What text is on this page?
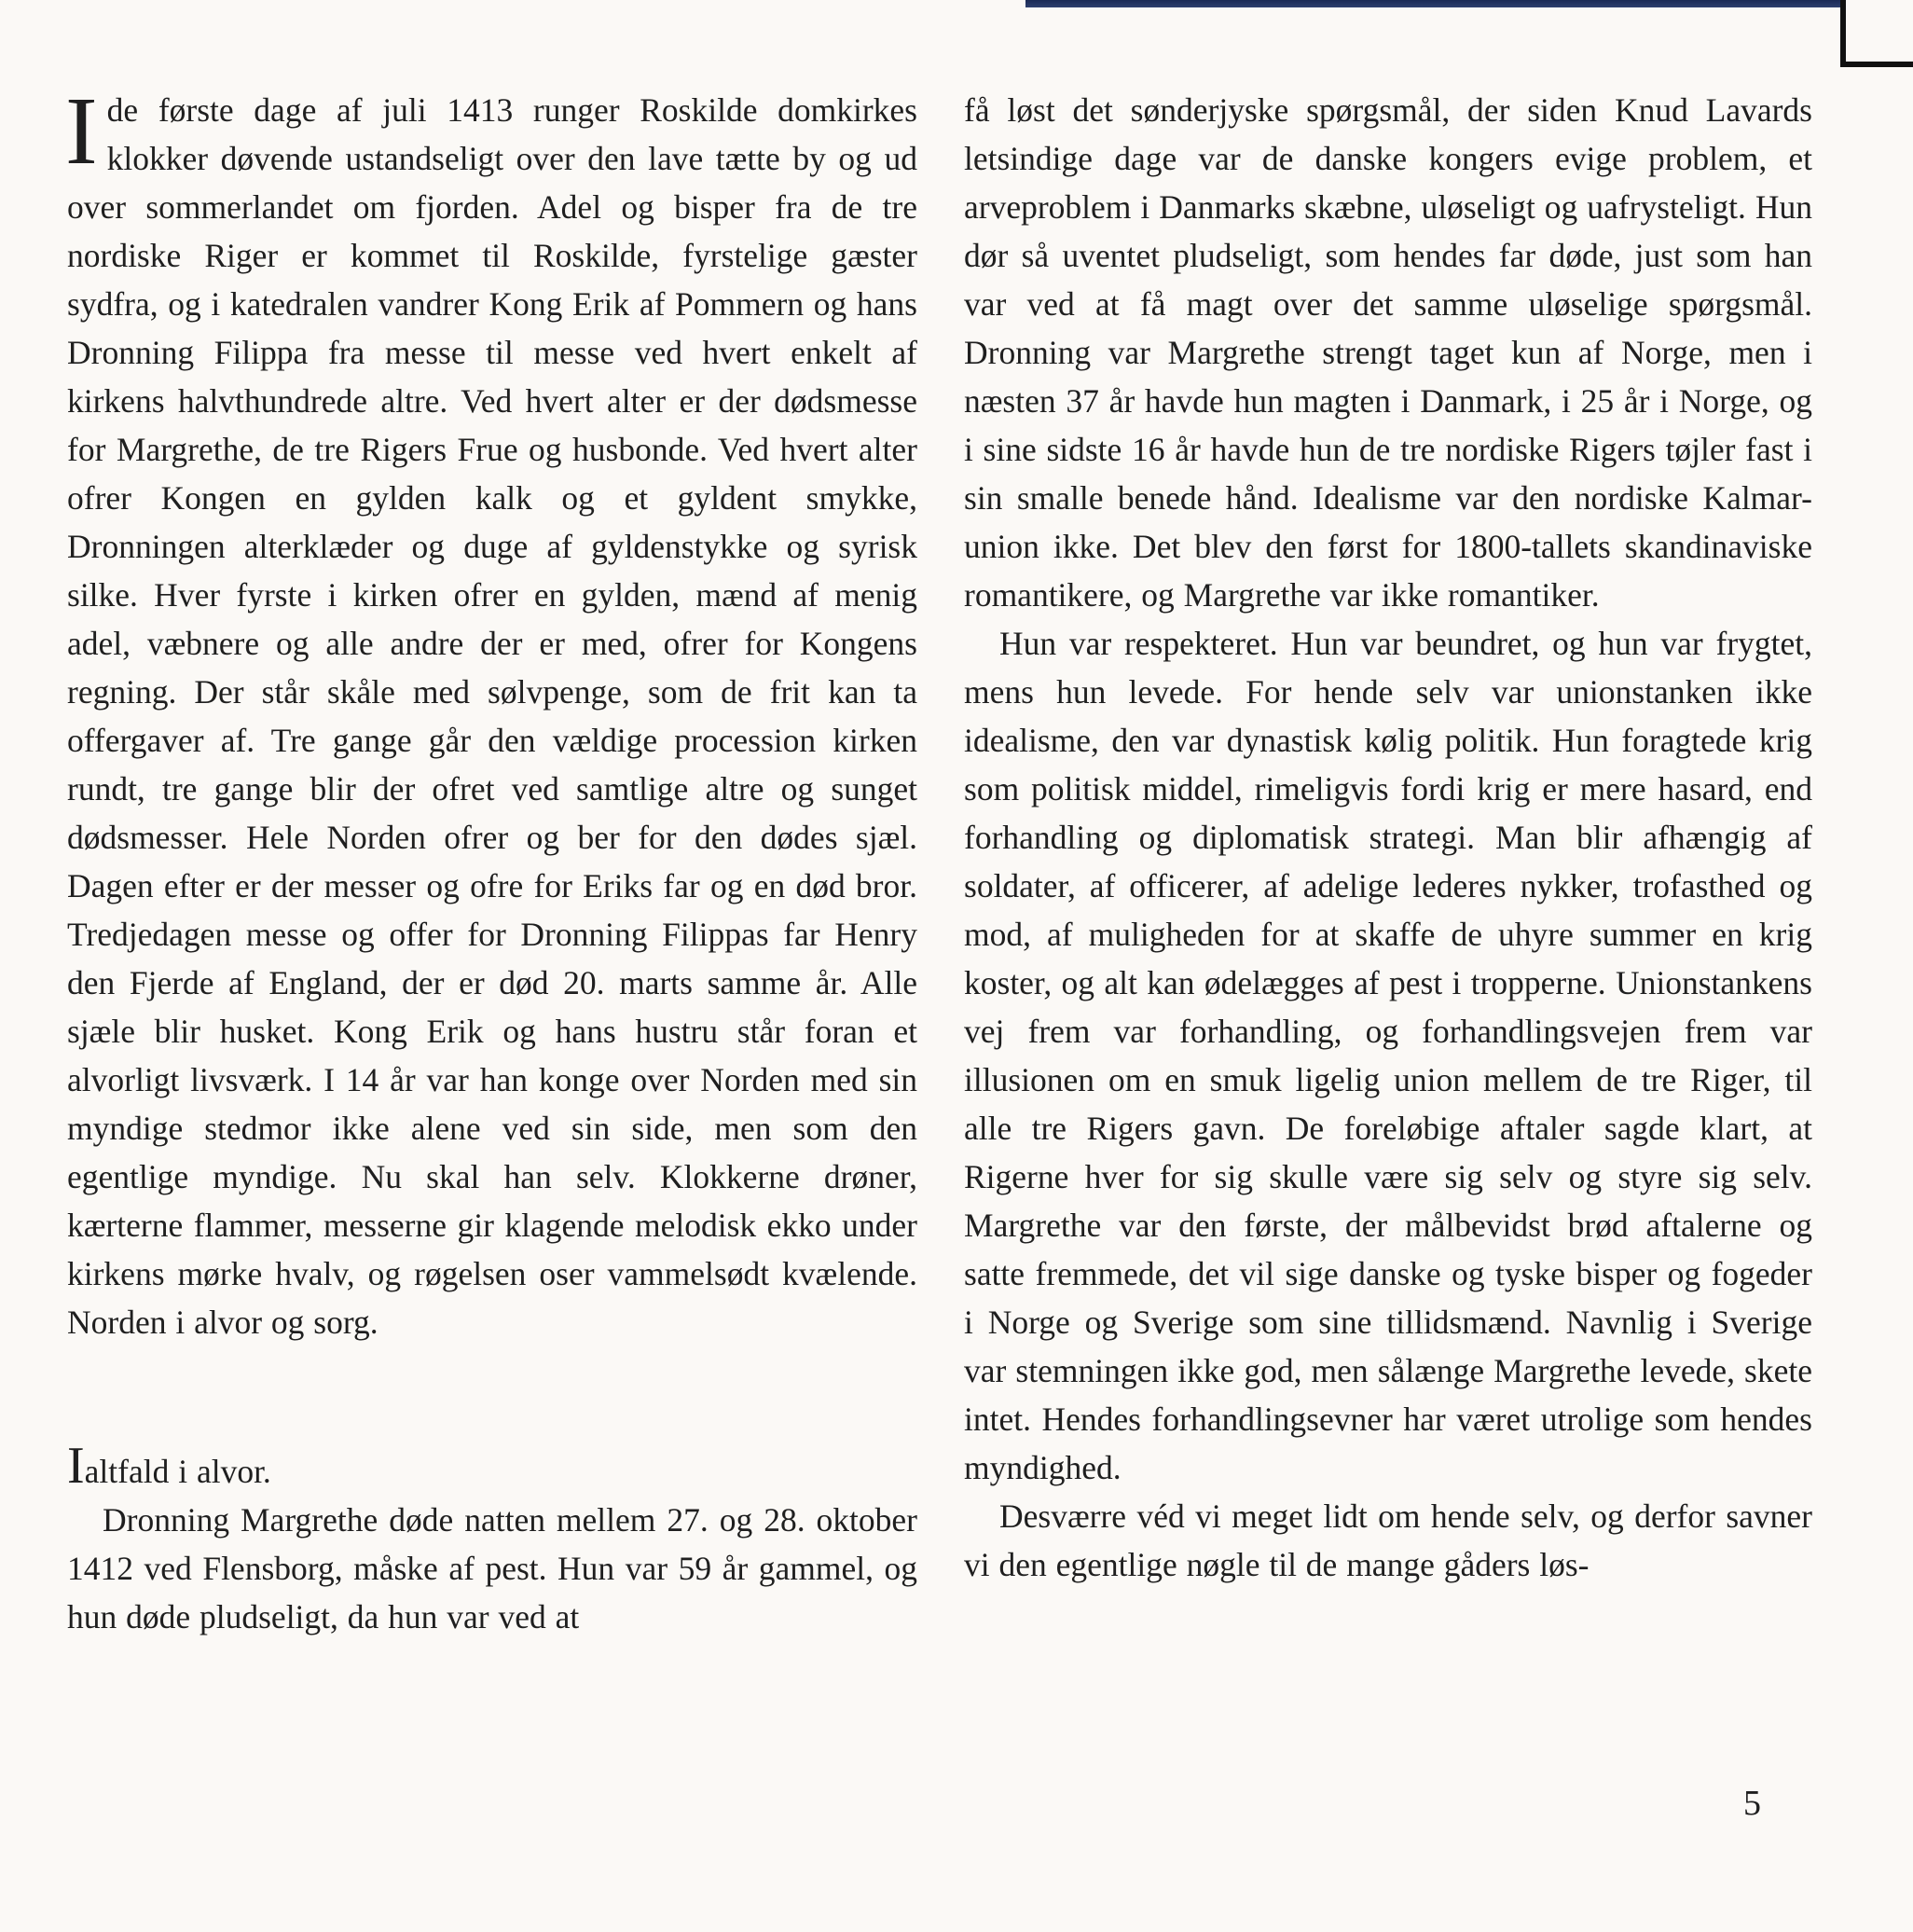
Ide første dage af juli 1413 runger Roskilde domkirkes klokker døvende ustandseligt over den lave tætte by og ud over sommerlandet om fjorden. Adel og bisper fra de tre nordiske Riger er kommet til Roskilde, fyrstelige gæster sydfra, og i katedralen vandrer Kong Erik af Pommern og hans Dronning Filippa fra messe til messe ved hvert enkelt af kirkens halvthundrede altre. Ved hvert alter er der dødsmesse for Margrethe, de tre Rigers Frue og husbonde. Ved hvert alter ofrer Kongen en gylden kalk og et gyldent smykke, Dronningen alterklæder og duge af gyldenstykke og syrisk silke. Hver fyrste i kirken ofrer en gylden, mænd af menig adel, væbnere og alle andre der er med, ofrer for Kongens regning. Der står skåle med sølvpenge, som de frit kan ta offergaver af. Tre gange går den vældige procession kirken rundt, tre gange blir der ofret ved samtlige altre og sunget dødsmesser. Hele Norden ofrer og ber for den dødes sjæl. Dagen efter er der messer og ofre for Eriks far og en død bror. Tredjedagen messe og offer for Dronning Filippas far Henry den Fjerde af England, der er død 20. marts samme år. Alle sjæle blir husket. Kong Erik og hans hustru står foran et alvorligt livsværk. I 14 år var han konge over Norden med sin myndige stedmor ikke alene ved sin side, men som den egentlige myndige. Nu skal han selv. Klokkerne drøner, kærterne flammer, messerne gir klagende melodisk ekko under kirkens mørke hvalv, og røgelsen oser vammelsødt kvælende. Norden i alvor og sorg.

Ialtfald i alvor.

Dronning Margrethe døde natten mellem 27. og 28. oktober 1412 ved Flensborg, måske af pest. Hun var 59 år gammel, og hun døde pludseligt, da hun var ved at

få løst det sønderjyske spørgsmål, der siden Knud Lavards letsindige dage var de danske kongers evige problem, et arveproblem i Danmarks skæbne, uløseligt og uafrysteligt. Hun dør så uventet pludseligt, som hendes far døde, just som han var ved at få magt over det samme uløselige spørgsmål. Dronning var Margrethe strengt taget kun af Norge, men i næsten 37 år havde hun magten i Danmark, i 25 år i Norge, og i sine sidste 16 år havde hun de tre nordiske Rigers tøjler fast i sin smalle benede hånd. Idealisme var den nordiske Kalmar-union ikke. Det blev den først for 1800-tallets skandinaviske romantikere, og Margrethe var ikke romantiker.

Hun var respekteret. Hun var beundret, og hun var frygtet, mens hun levede. For hende selv var unionstanken ikke idealisme, den var dynastisk kølig politik. Hun foragtede krig som politisk middel, rimeligvis fordi krig er mere hasard, end forhandling og diplomatisk strategi. Man blir afhængig af soldater, af officerer, af adelige lederes nykker, trofasthed og mod, af muligheden for at skaffe de uhyre summer en krig koster, og alt kan ødelægges af pest i tropperne. Unionstankens vej frem var forhandling, og forhandlingsvejen frem var illusionen om en smuk ligelig union mellem de tre Riger, til alle tre Rigers gavn. De foreløbige aftaler sagde klart, at Rigerne hver for sig skulle være sig selv og styre sig selv. Margrethe var den første, der målbevidst brød aftalerne og satte fremmede, det vil sige danske og tyske bisper og fogeder i Norge og Sverige som sine tillidsmænd. Navnlig i Sverige var stemningen ikke god, men sålænge Margrethe levede, skete intet. Hendes forhandlingsevner har været utrolige som hendes myndighed.

Desværre véd vi meget lidt om hende selv, og derfor savner vi den egentlige nøgle til de mange gåders løs-

5
